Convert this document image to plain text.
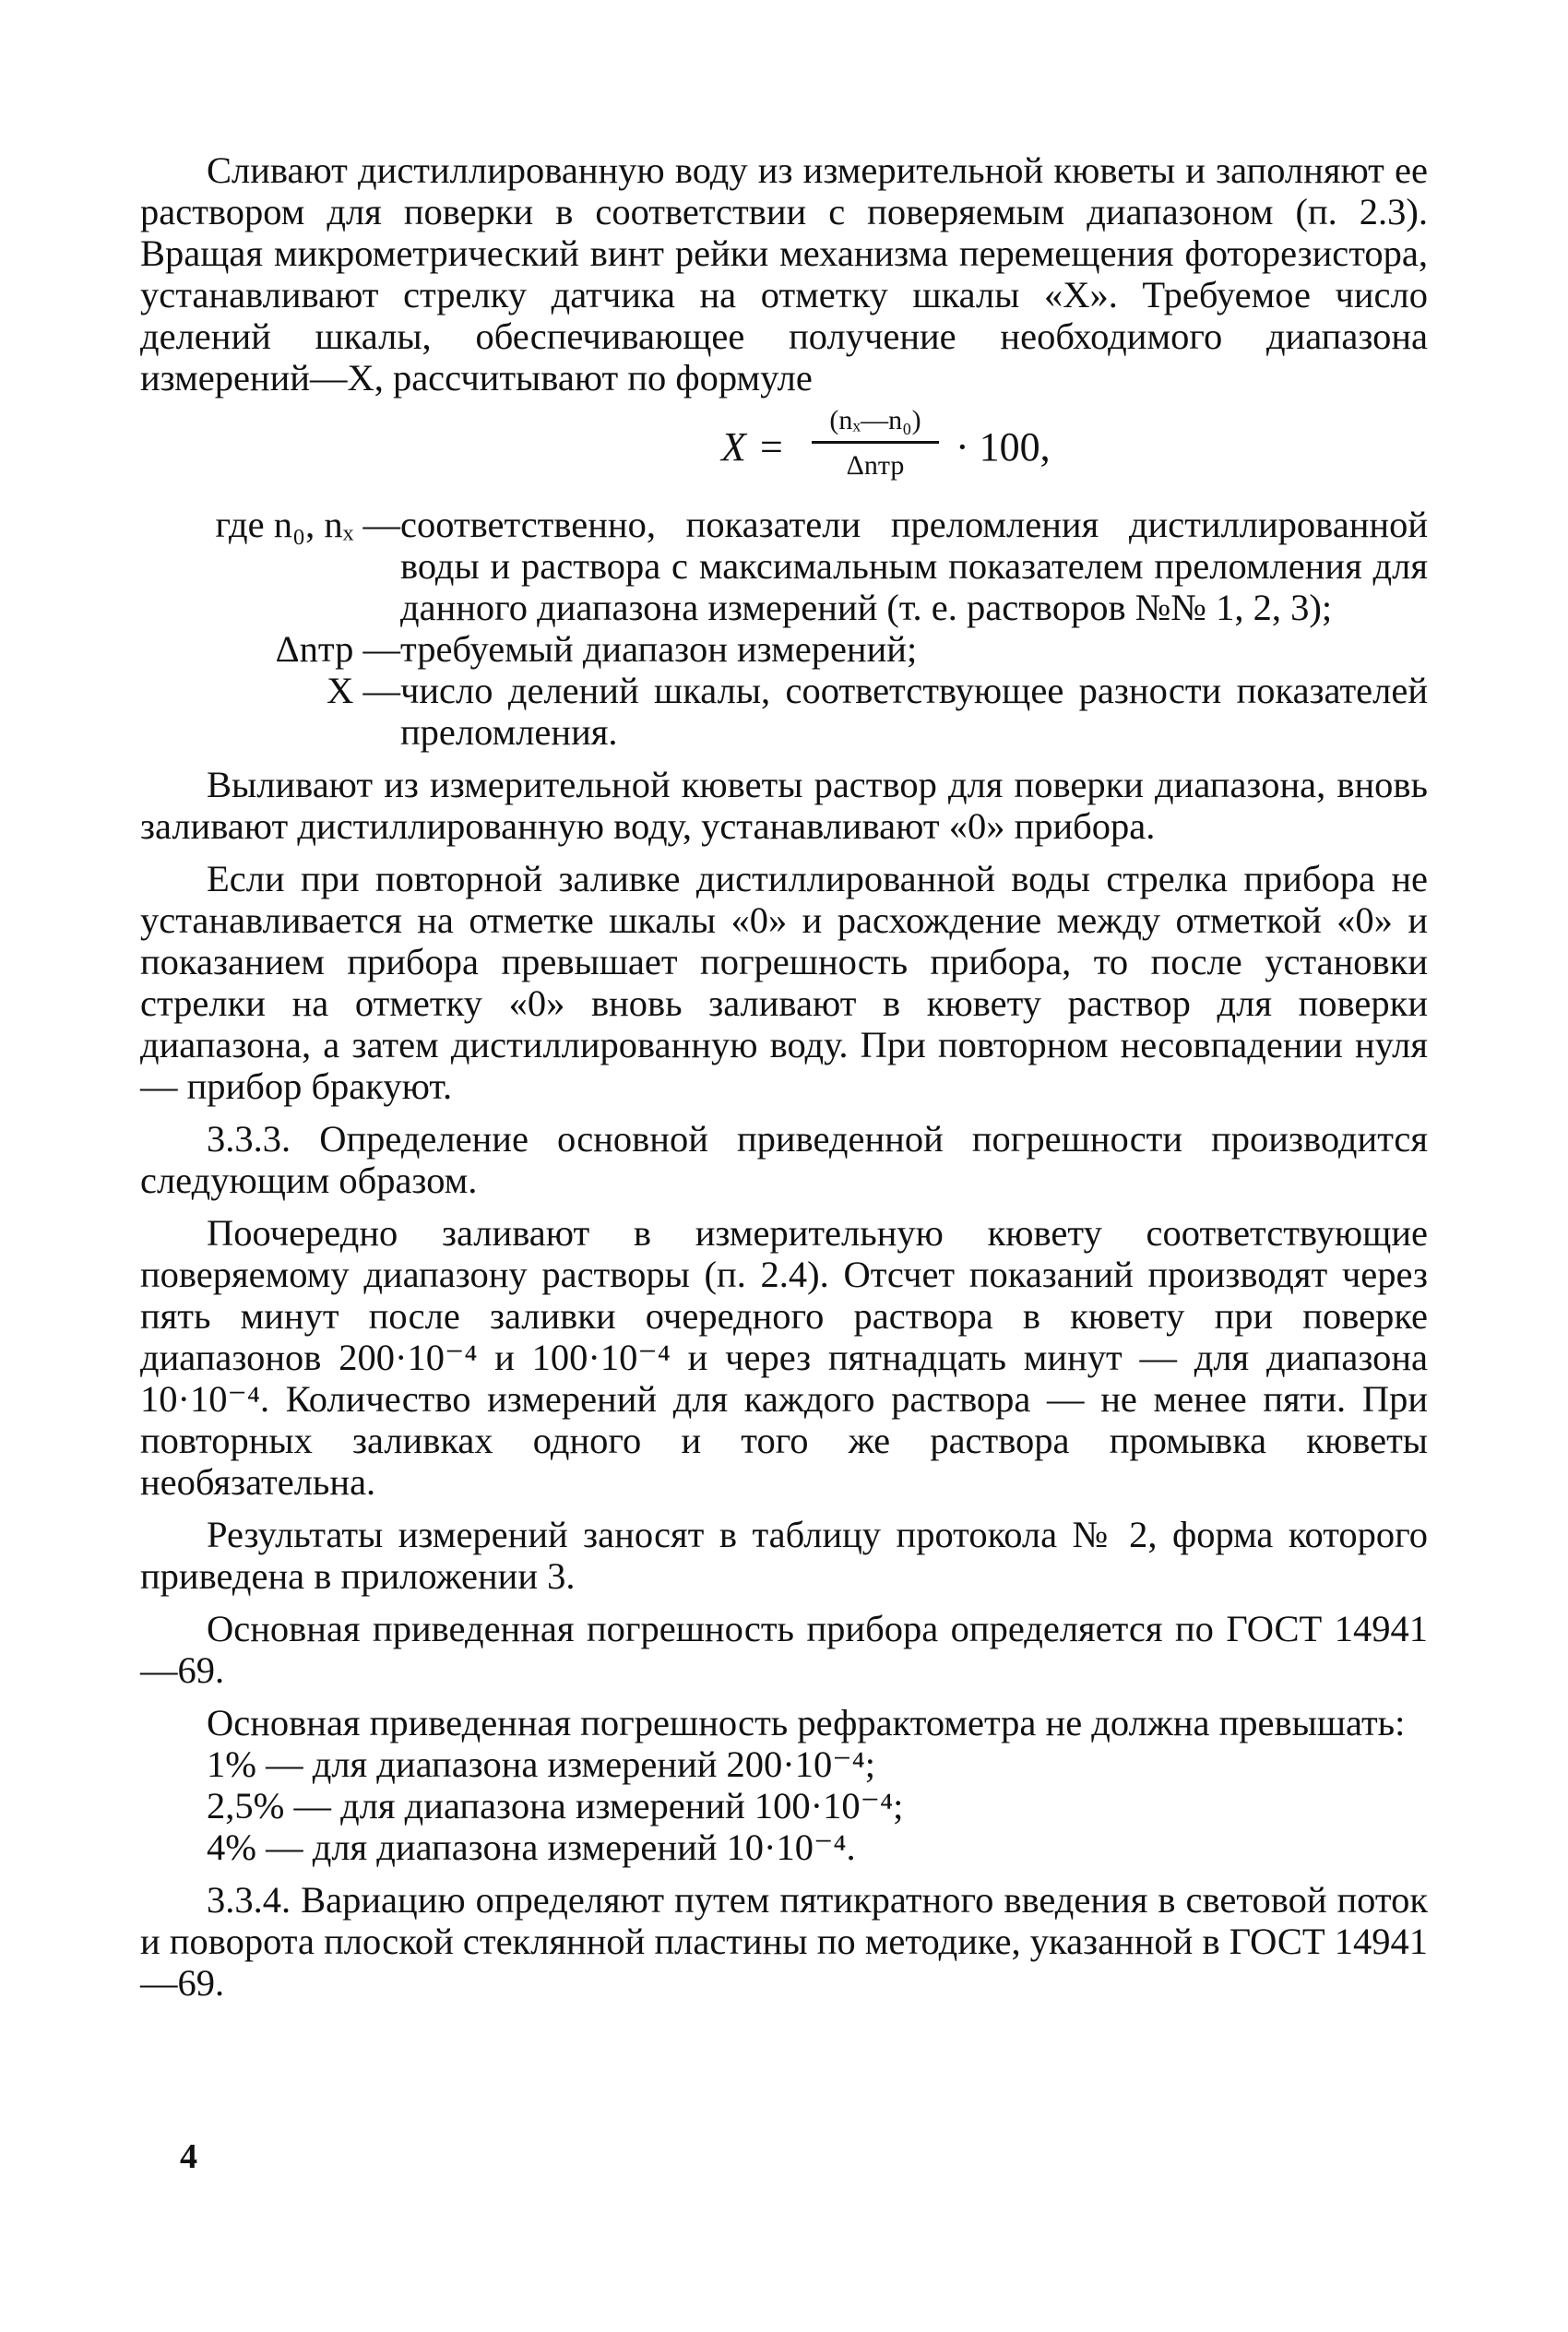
Сливают дистиллированную воду из измерительной кюветы и заполняют ее раствором для поверки в соответствии с поверяемым диапазоном (п. 2.3). Вращая микрометрический винт рейки механизма перемещения фоторезистора, устанавливают стрелку датчика на отметку шкалы «X». Требуемое число делений шкалы, обеспечивающее получение необходимого диапазона измерений—X, рассчитывают по формуле

X =
(nₓ—n₀)
Δnтр	· 100,
где n₀, nₓ — соответственно, показатели преломления дистиллированной воды и раствора с максимальным показателем преломления для данного диапазона измерений (т. е. растворов №№ 1, 2, 3);
Δnтр — требуемый диапазон измерений;
X — число делений шкалы, соответствующее разности показателей преломления.

Выливают из измерительной кюветы раствор для поверки диапазона, вновь заливают дистиллированную воду, устанавливают «0» прибора.

Если при повторной заливке дистиллированной воды стрелка прибора не устанавливается на отметке шкалы «0» и расхождение между отметкой «0» и показанием прибора превышает погрешность прибора, то после установки стрелки на отметку «0» вновь заливают в кювету раствор для поверки диапазона, а затем дистиллированную воду. При повторном несовпадении нуля — прибор бракуют.

3.3.3. Определение основной приведенной погрешности производится следующим образом.

Поочередно заливают в измерительную кювету соответствующие поверяемому диапазону растворы (п. 2.4). Отсчет показаний производят через пять минут после заливки очередного раствора в кювету при поверке диапазонов 200·10⁻⁴ и 100·10⁻⁴ и через пятнадцать минут — для диапазона 10·10⁻⁴. Количество измерений для каждого раствора — не менее пяти. При повторных заливках одного и того же раствора промывка кюветы необязательна.

Результаты измерений заносят в таблицу протокола № 2, форма которого приведена в приложении 3.

Основная приведенная погрешность прибора определяется по ГОСТ 14941—69.

Основная приведенная погрешность рефрактометра не должна превышать:

1% — для диапазона измерений 200·10⁻⁴;
2,5% — для диапазона измерений 100·10⁻⁴;
4% — для диапазона измерений 10·10⁻⁴.

3.3.4. Вариацию определяют путем пятикратного введения в световой поток и поворота плоской стеклянной пластины по методике, указанной в ГОСТ 14941—69.

4
